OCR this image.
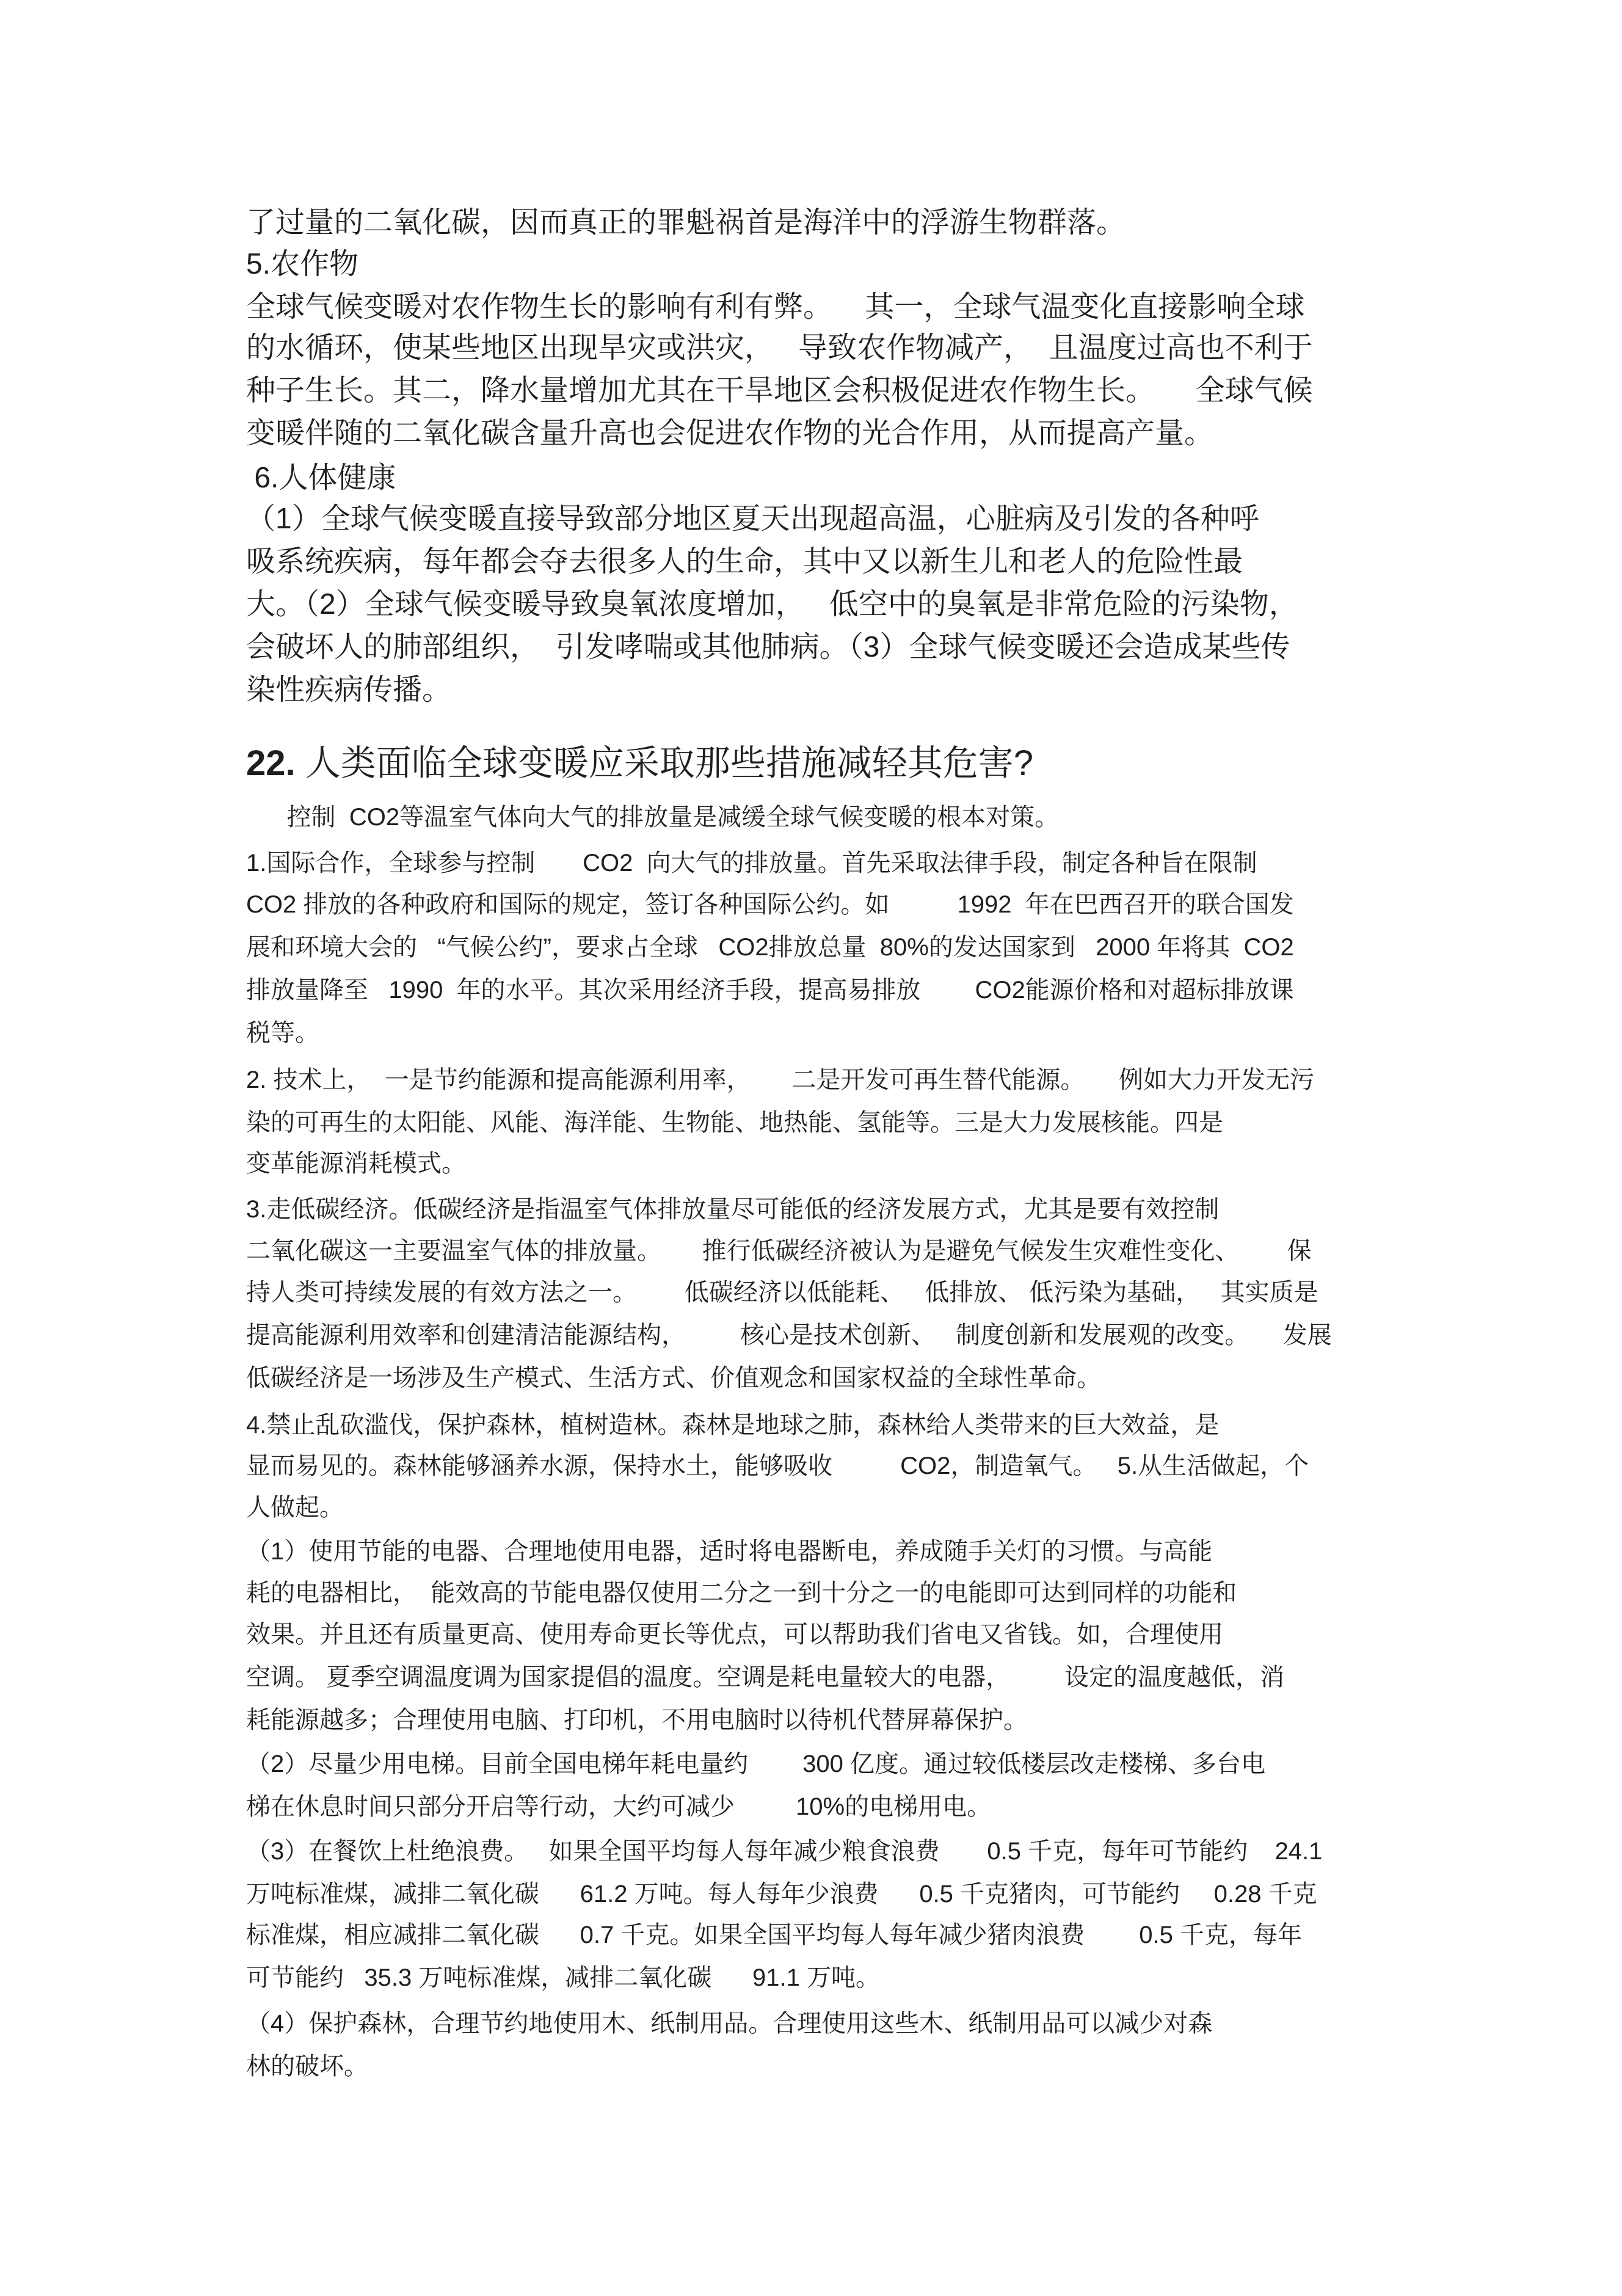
22. 人类面临全球变暖应采取那些措施减轻其危害?
了过量的二氧化碳，因而真正的罪魁祸首是海洋中的浮游生物群落。
5.农作物
全球气候变暖对农作物生长的影响有利有弊。    其一，全球气温变化直接影响全球
的水循环，使某些地区出现旱灾或洪灾，   导致农作物减产，  且温度过高也不利于
种子生长。其二，降水量增加尤其在干旱地区会积极促进农作物生长。     全球气候
变暖伴随的二氧化碳含量升高也会促进农作物的光合作用，从而提高产量。
6.人体健康
（1）全球气候变暖直接导致部分地区夏天出现超高温，心脏病及引发的各种呼
吸系统疾病，每年都会夺去很多人的生命，其中又以新生儿和老人的危险性最
大。（2）全球气候变暖导致臭氧浓度增加，   低空中的臭氧是非常危险的污染物，
会破坏人的肺部组织，  引发哮喘或其他肺病。（3）全球气候变暖还会造成某些传
染性疾病传播。
控制  CO2等温室气体向大气的排放量是减缓全球气候变暖的根本对策。
1.国际合作，全球参与控制       CO2  向大气的排放量。首先采取法律手段，制定各种旨在限制
CO2 排放的各种政府和国际的规定，签订各种国际公约。如          1992  年在巴西召开的联合国发
展和环境大会的   “气候公约”，要求占全球   CO2排放总量  80%的发达国家到   2000 年将其  CO2
排放量降至   1990  年的水平。其次采用经济手段，提高易排放        CO2能源价格和对超标排放课
税等。
2. 技术上，  一是节约能源和提高能源利用率，      二是开发可再生替代能源。     例如大力开发无污
染的可再生的太阳能、风能、海洋能、生物能、地热能、氢能等。三是大力发展核能。四是
变革能源消耗模式。
3.走低碳经济。低碳经济是指温室气体排放量尽可能低的经济发展方式，尤其是要有效控制
二氧化碳这一主要温室气体的排放量。      推行低碳经济被认为是避免气候发生灾难性变化、       保
持人类可持续发展的有效方法之一。       低碳经济以低能耗、   低排放、 低污染为基础，   其实质是
提高能源利用效率和创建清洁能源结构，        核心是技术创新、   制度创新和发展观的改变。     发展
低碳经济是一场涉及生产模式、生活方式、价值观念和国家权益的全球性革命。
4.禁止乱砍滥伐，保护森林，植树造林。森林是地球之肺，森林给人类带来的巨大效益，是
显而易见的。森林能够涵养水源，保持水土，能够吸收          CO2，制造氧气。   5.从生活做起，个
人做起。
（1）使用节能的电器、合理地使用电器，适时将电器断电，养成随手关灯的习惯。与高能
耗的电器相比，  能效高的节能电器仅使用二分之一到十分之一的电能即可达到同样的功能和
效果。并且还有质量更高、使用寿命更长等优点，可以帮助我们省电又省钱。如，合理使用
空调。 夏季空调温度调为国家提倡的温度。空调是耗电量较大的电器，        设定的温度越低，消
耗能源越多；合理使用电脑、打印机，不用电脑时以待机代替屏幕保护。
（2）尽量少用电梯。目前全国电梯年耗电量约        300 亿度。通过较低楼层改走楼梯、多台电
梯在休息时间只部分开启等行动，大约可减少         10%的电梯用电。
（3）在餐饮上杜绝浪费。   如果全国平均每人每年减少粮食浪费       0.5 千克，每年可节能约    24.1
万吨标准煤，减排二氧化碳      61.2 万吨。每人每年少浪费      0.5 千克猪肉，可节能约     0.28 千克
标准煤，相应减排二氧化碳      0.7 千克。如果全国平均每人每年减少猪肉浪费        0.5 千克，每年
可节能约   35.3 万吨标准煤，减排二氧化碳      91.1 万吨。
（4）保护森林，合理节约地使用木、纸制用品。合理使用这些木、纸制用品可以减少对森
林的破坏。
